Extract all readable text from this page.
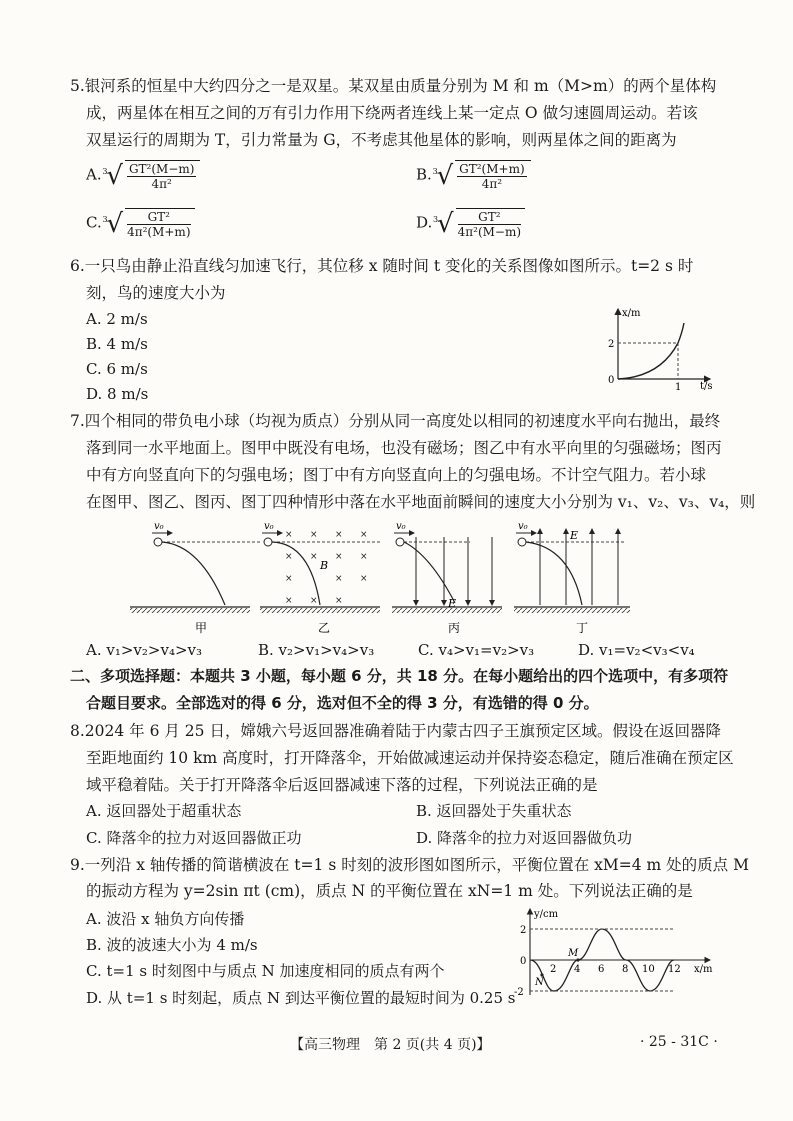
5.银河系的恒星中大约四分之一是双星。某双星由质量分别为 M 和 m（M>m）的两个星体构
成，两星体在相互之间的万有引力作用下绕两者连线上某一定点 O 做匀速圆周运动。若该
双星运行的周期为 T，引力常量为 G，不考虑其他星体的影响，则两星体之间的距离为
A. 3
√ $\frac{\text{GT²(M−m)}}{\text{4π²}}$	B. 3
√ $\frac{\text{GT²(M+m)}}{\text{4π²}}$
C. 3
√ $\frac{\text{GT²}}{\text{4π²(M+m)}}$	D. 3
√ $\frac{\text{GT²}}{\text{4π²(M−m)}}$
6.一只鸟由静止沿直线匀加速飞行，其位移 x 随时间 t 变化的关系图像如图所示。t=2 s 时
刻，鸟的速度大小为
A. 2 m/s
B. 4 m/s
C. 6 m/s
D. 8 m/s
x/m
t/s
2
1
0
7.四个相同的带负电小球（均视为质点）分别从同一高度处以相同的初速度水平向右抛出，最终
落到同一水平地面上。图甲中既没有电场，也没有磁场；图乙中有水平向里的匀强磁场；图丙
中有方向竖直向下的匀强电场；图丁中有方向竖直向上的匀强电场。不计空气阻力。若小球
在图甲、图乙、图丙、图丁四种情形中落在水平地面前瞬间的速度大小分别为 v₁、v₂、v₃、v₄，则
v₀
甲
v₀
× × × ×
× × × ×
×	× ×
× × ×
B
乙
v₀
E
丙
v₀
E
丁
A. v₁>v₂>v₄>v₃	B. v₂>v₁>v₄>v₃	C. v₄>v₁=v₂>v₃	D. v₁=v₂<v₃<v₄
二、多项选择题：本题共 3 小题，每小题 6 分，共 18 分。在每小题给出的四个选项中，有多项符
合题目要求。全部选对的得 6 分，选对但不全的得 3 分，有选错的得 0 分。
8.2024 年 6 月 25 日，嫦娥六号返回器准确着陆于内蒙古四子王旗预定区域。假设在返回器降
至距地面约 10 km 高度时，打开降落伞，开始做减速运动并保持姿态稳定，随后准确在预定区
域平稳着陆。关于打开降落伞后返回器减速下落的过程，下列说法正确的是
A. 返回器处于超重状态	B. 返回器处于失重状态
C. 降落伞的拉力对返回器做正功	D. 降落伞的拉力对返回器做负功
9.一列沿 x 轴传播的简谐横波在 t=1 s 时刻的波形图如图所示，平衡位置在 xM=4 m 处的质点 M
的振动方程为 y=2sin πt (cm)，质点 N 的平衡位置在 xN=1 m 处。下列说法正确的是
A. 波沿 x 轴负方向传播
B. 波的波速大小为 4 m/s
C. t=1 s 时刻图中与质点 N 加速度相同的质点有两个
D. 从 t=1 s 时刻起，质点 N 到达平衡位置的最短时间为 0.25 s
y/cm
x/m
2
-2
0
2 4 6 8 10 12
N
M
【高三物理　第 2 页(共 4 页)】	· 25 - 31C ·
